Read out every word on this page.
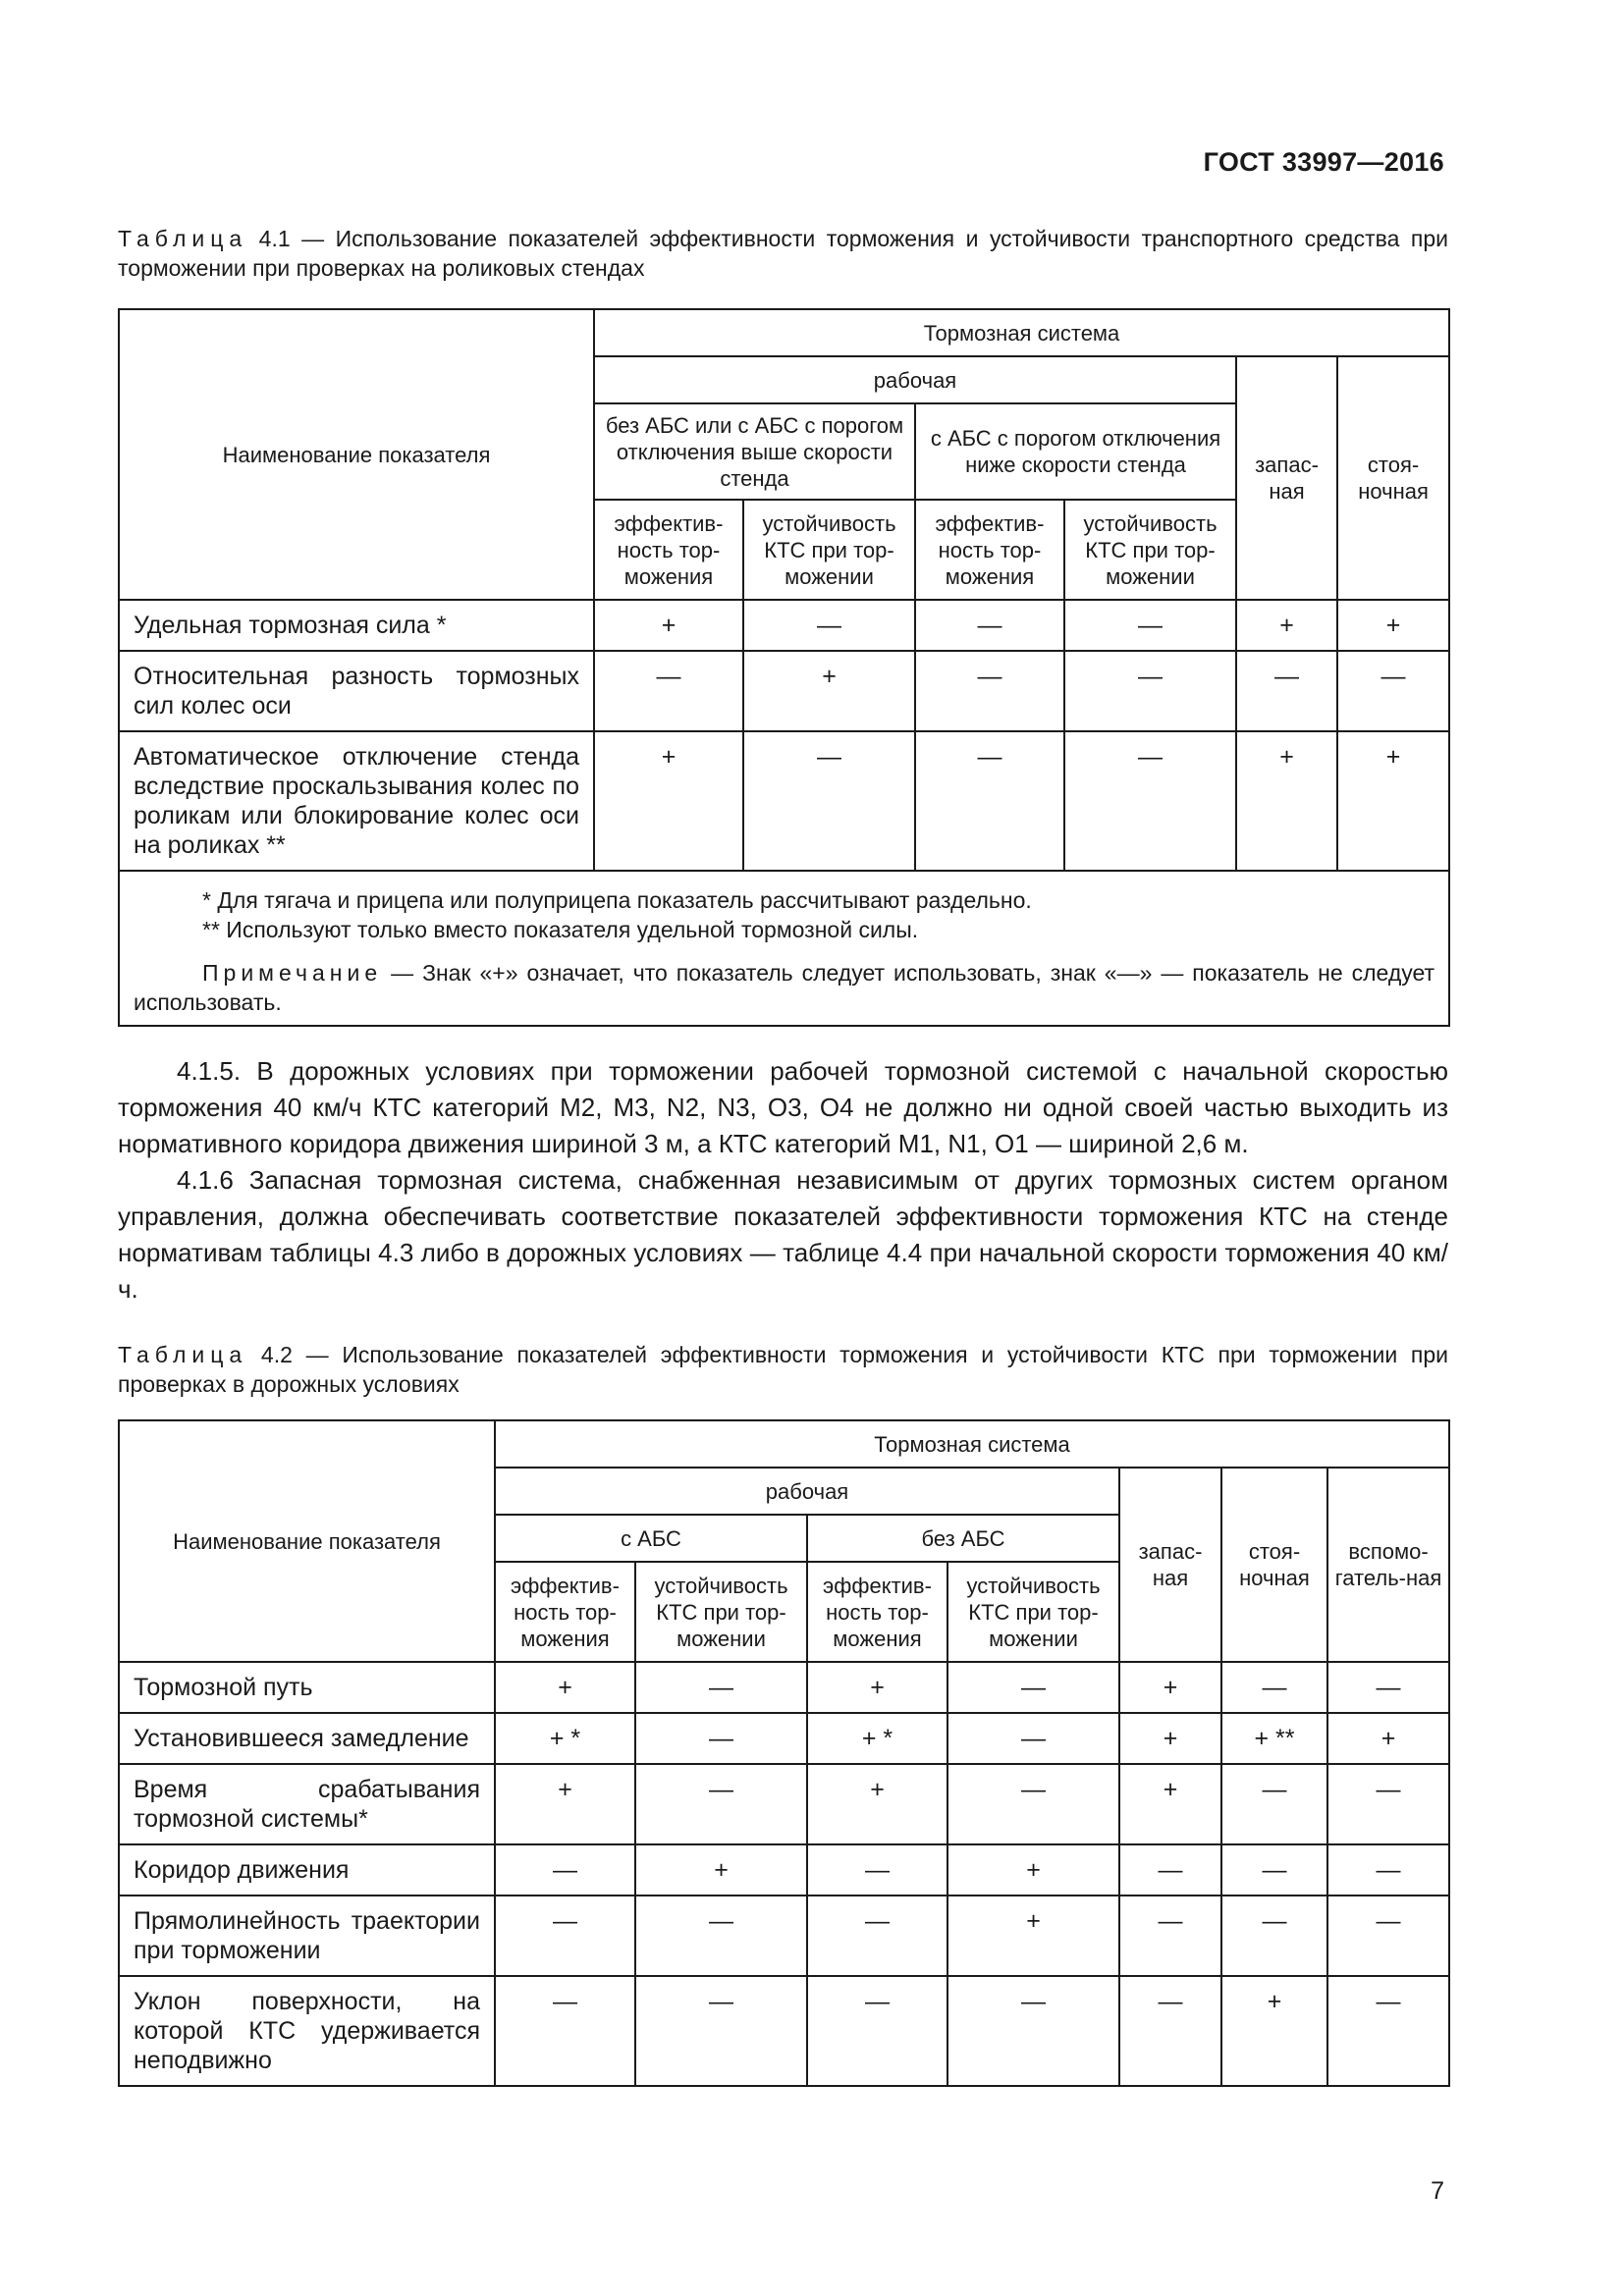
ГОСТ 33997—2016
Таблица 4.1 — Использование показателей эффективности торможения и устойчивости транспортного средства при торможении при проверках на роликовых стендах
Наименование показателя	Тормозная система					
	рабочая				запас-ная	стоя-ночная
	без АБС или с АБС с порогом отключения выше скорости стенда		с АБС с порогом отключения ниже скорости стенда			
	эффектив-ность тор-можения	устойчивость КТС при тор-можении	эффектив-ность тор-можения	устойчивость КТС при тор-можении		
Удельная тормозная сила *	+	—	—	—	+	+
Относительная разность тормозных сил колес оси	—	+	—	—	—	—
Автоматическое отключение стенда вследствие проскальзывания колес по роликам или блокирование колес оси на роликах **	+	—	—	—	+	+

* Для тягача и прицепа или полуприцепа показатель рассчитывают раздельно.

** Используют только вместо показателя удельной тормозной силы.

Примечание — Знак «+» означает, что показатель следует использовать, знак «—» — показатель не следует использовать.						

4.1.5. В дорожных условиях при торможении рабочей тормозной системой с начальной скоростью торможения 40 км/ч КТС категорий М2, М3, N2, N3, О3, О4 не должно ни одной своей частью выходить из нормативного коридора движения шириной 3 м, а КТС категорий М1, N1, О1 — шириной 2,6 м.

4.1.6 Запасная тормозная система, снабженная независимым от других тормозных систем органом управления, должна обеспечивать соответствие показателей эффективности торможения КТС на стенде нормативам таблицы 4.3 либо в дорожных условиях — таблице 4.4 при начальной скорости торможения 40 км/ч.

Таблица 4.2 — Использование показателей эффективности торможения и устойчивости КТС при торможении при проверках в дорожных условиях
Наименование показателя	Тормозная система						
	рабочая				запас-ная	стоя-ночная	вспомо-гатель-ная
	с АБС		без АБС				
	эффектив-ность тор-можения	устойчивость КТС при тор-можении	эффектив-ность тор-можения	устойчивость КТС при тор-можении			
Тормозной путь	+	—	+	—	+	—	—
Установившееся замедление	+ *	—	+ *	—	+	+ **	+
Время срабатывания тормозной системы*	+	—	+	—	+	—	—
Коридор движения	—	+	—	+	—	—	—
Прямолинейность траектории при торможении	—	—	—	+	—	—	—
Уклон поверхности, на которой КТС удерживается неподвижно	—	—	—	—	—	+	—
7
